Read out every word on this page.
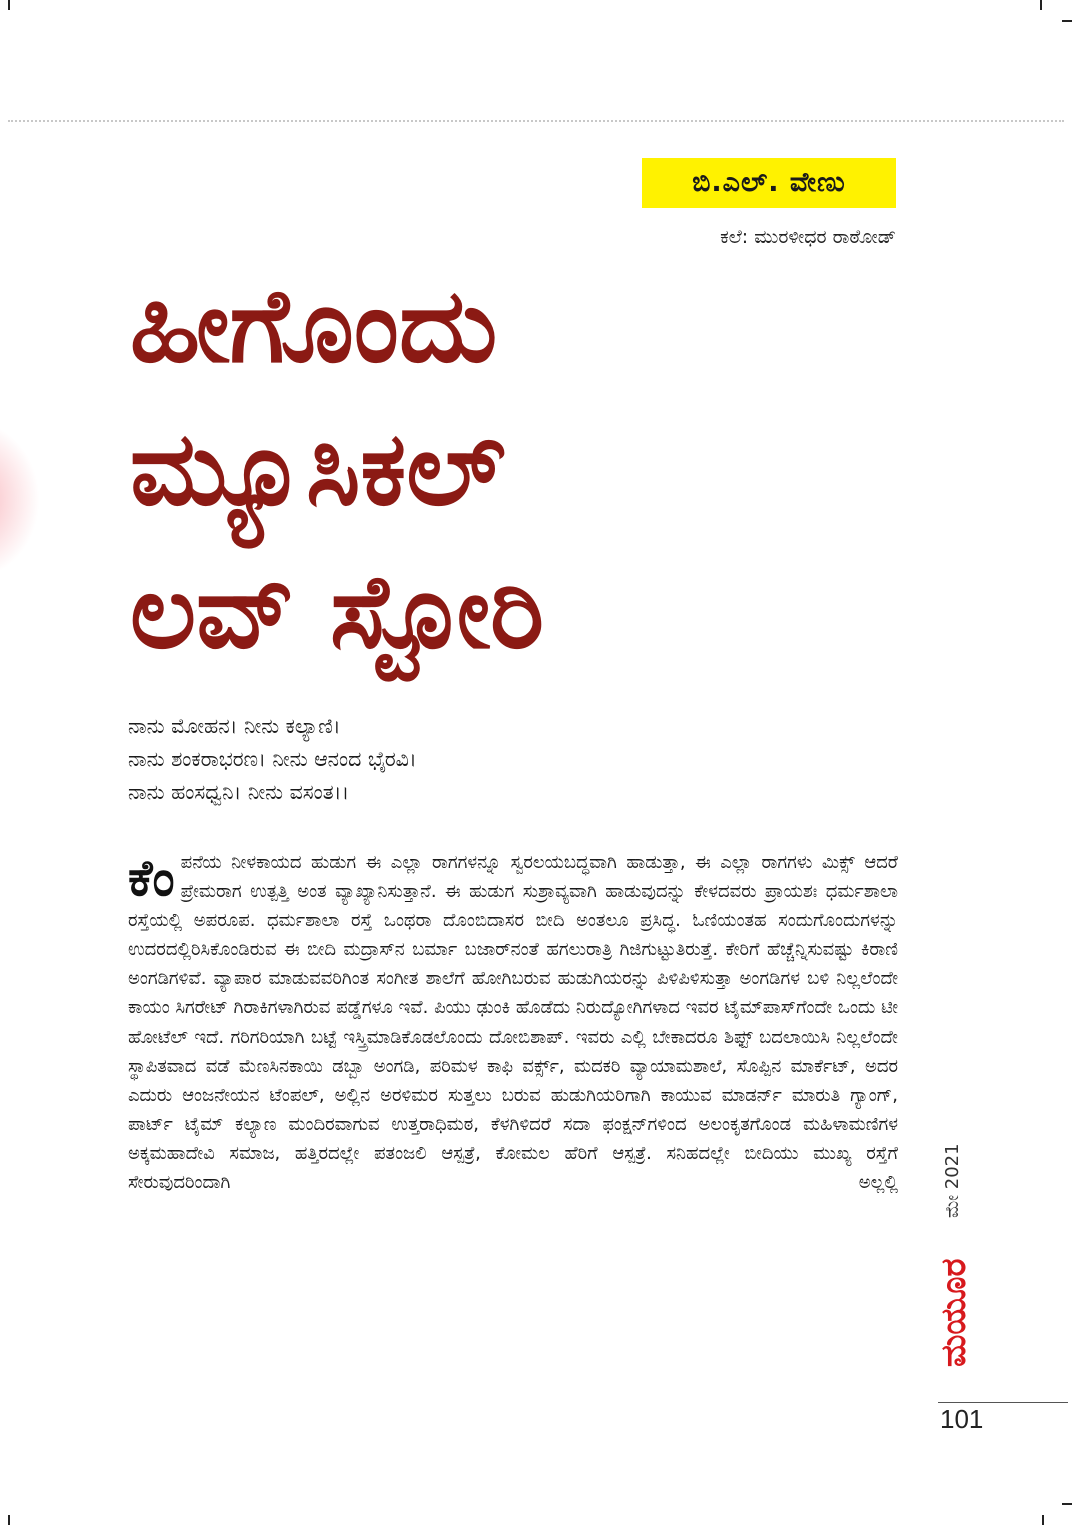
ಬಿ.ಎಲ್. ವೇಣು
ಕಲೆ: ಮುರಳೀಧರ ರಾಠೋಡ್
ಹೀಗೊಂದು
ಮ್ಯೂಸಿಕಲ್
ಲವ್ ಸ್ಟೋರಿ
ನಾನು ಮೋಹನ। ನೀನು ಕಲ್ಯಾಣಿ।
ನಾನು ಶಂಕರಾಭರಣ। ನೀನು ಆನಂದ ಭೈರವಿ।
ನಾನು ಹಂಸಧ್ವನಿ। ನೀನು ವಸಂತ।।
ಕೆಂ ಪನೆಯ ನೀಳಕಾಯದ ಹುಡುಗ ಈ ಎಲ್ಲಾ ರಾಗಗಳನ್ನೂ ಸ್ವರಲಯಬದ್ಧವಾಗಿ ಹಾಡುತ್ತಾ, ಈ ಎಲ್ಲಾ ರಾಗಗಳು ಮಿಕ್ಸ್ ಆದರೆ ಪ್ರೇಮರಾಗ ಉತ್ಪತ್ತಿ ಅಂತ ವ್ಯಾಖ್ಯಾನಿಸುತ್ತಾನೆ. ಈ ಹುಡುಗ ಸುಶ್ರಾವ್ಯವಾಗಿ ಹಾಡುವುದನ್ನು ಕೇಳದವರು ಪ್ರಾಯಶಃ ಧರ್ಮಶಾಲಾ ರಸ್ತೆಯಲ್ಲಿ ಅಪರೂಪ. ಧರ್ಮಶಾಲಾ ರಸ್ತೆ ಒಂಥರಾ ದೊಂಬಿದಾಸರ ಬೀದಿ ಅಂತಲೂ ಪ್ರಸಿದ್ಧ. ಓಣಿಯಂತಹ ಸಂದುಗೊಂದುಗಳನ್ನು ಉದರದಲ್ಲಿರಿಸಿಕೊಂಡಿರುವ ಈ ಬೀದಿ ಮದ್ರಾಸ್‌ನ ಬರ್ಮಾ ಬಜಾರ್‌ನಂತೆ ಹಗಲುರಾತ್ರಿ ಗಿಜಿಗುಟ್ಟುತಿರುತ್ತೆ. ಕೇರಿಗೆ ಹೆಚ್ಚೆನ್ನಿಸುವಷ್ಟು ಕಿರಾಣಿ ಅಂಗಡಿಗಳಿವೆ. ವ್ಯಾಪಾರ ಮಾಡುವವರಿಗಿಂತ ಸಂಗೀತ ಶಾಲೆಗೆ ಹೋಗಿಬರುವ ಹುಡುಗಿಯರನ್ನು ಪಿಳಿಪಿಳಿಸುತ್ತಾ ಅಂಗಡಿಗಳ ಬಳಿ ನಿಲ್ಲಲೆಂದೇ ಕಾಯಂ ಸಿಗರೇಟ್ ಗಿರಾಕಿಗಳಾಗಿರುವ ಪಡ್ಡೆಗಳೂ ಇವೆ. ಪಿಯು ಢುಂಕಿ ಹೊಡೆದು ನಿರುದ್ಯೋಗಿಗಳಾದ ಇವರ ಟೈಮ್‌ಪಾಸ್‌ಗೆಂದೇ ಒಂದು ಟೀ ಹೋಟೆಲ್ ಇದೆ. ಗರಿಗರಿಯಾಗಿ ಬಟ್ಟೆ ಇಸ್ತ್ರಿಮಾಡಿಕೊಡಲೊಂದು ದೋಬಿಶಾಪ್. ಇವರು ಎಲ್ಲಿ ಬೇಕಾದರೂ ಶಿಫ್ಟ್ ಬದಲಾಯಿಸಿ ನಿಲ್ಲಲೆಂದೇ ಸ್ಥಾಪಿತವಾದ ವಡೆ ಮೆಣಸಿನಕಾಯಿ ಡಬ್ಬಾ ಅಂಗಡಿ, ಪರಿಮಳ ಕಾಫಿ ವರ್ಕ್ಸ್, ಮದಕರಿ ವ್ಯಾಯಾಮಶಾಲೆ, ಸೊಪ್ಪಿನ ಮಾರ್ಕೆಟ್, ಅದರ ಎದುರು ಆಂಜನೇಯನ ಟೆಂಪಲ್, ಅಲ್ಲಿನ ಅರಳಿಮರ ಸುತ್ತಲು ಬರುವ ಹುಡುಗಿಯರಿಗಾಗಿ ಕಾಯುವ ಮಾಡರ್ನ್ ಮಾರುತಿ ಗ್ಯಾಂಗ್, ಪಾರ್ಟ್ ಟೈಮ್ ಕಲ್ಯಾಣ ಮಂದಿರವಾಗುವ ಉತ್ತರಾಧಿಮಠ, ಕೆಳಗಿಳಿದರೆ ಸದಾ ಫಂಕ್ಷನ್‌ಗಳಿಂದ ಅಲಂಕೃತಗೊಂಡ ಮಹಿಳಾಮಣಿಗಳ ಅಕ್ಕಮಹಾದೇವಿ ಸಮಾಜ, ಹತ್ತಿರದಲ್ಲೇ ಪತಂಜಲಿ ಆಸ್ಪತ್ರೆ, ಕೋಮಲ ಹೆರಿಗೆ ಆಸ್ಪತ್ರೆ. ಸನಿಹದಲ್ಲೇ ಬೀದಿಯು ಮುಖ್ಯ ರಸ್ತೆಗೆ ಸೇರುವುದರಿಂದಾಗಿ ಅಲ್ಲಲ್ಲಿ ಮೇ 2021
ಮಯೂರ
101
